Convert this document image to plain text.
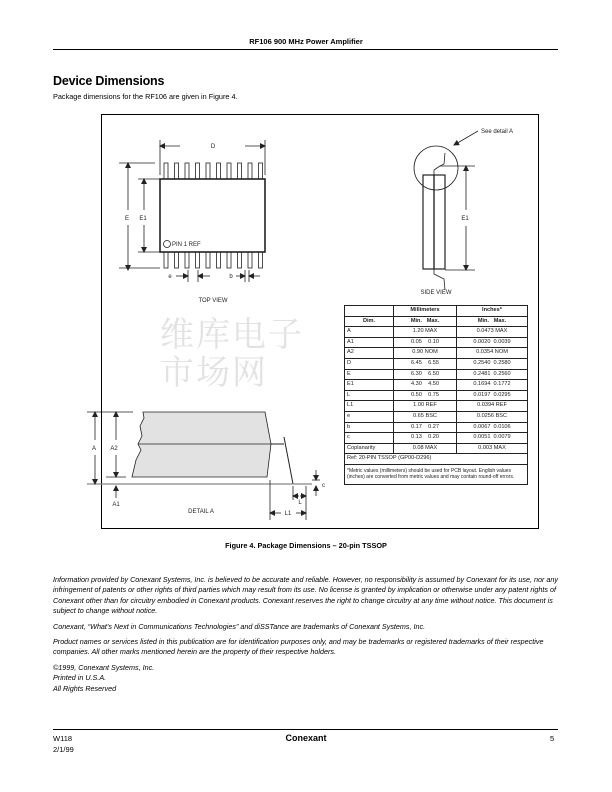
RF106 900 MHz Power Amplifier
Device Dimensions
Package dimensions for the RF106 are given in Figure 4.
维库电子市场网
D
E E1
PIN 1 REF
e	b
TOP VIEW
E1
See detail A
SIDE VIEW
A A2
A1
DETAIL A	L1
L
c
	Millimeters	Inches*
Dim.	Min. Max.	Min. Max.
A	1.20 MAX	0.0473 MAX
A1	0.05 0.10	0.0020 0.0039
A2	0.90 NOM	0.0354 NOM
D	6.45 6.55	0.2540 0.2580
E	6.30 6.50	0.2481 0.2560
E1	4.30 4.50	0.1694 0.1772
L	0.50 0.75	0.0197 0.0295
L1	1.00 REF	0.0394 REF
e	0.65 BSC	0.0256 BSC
b	0.17 0.27	0.0067 0.0106
c	0.13 0.20	0.0051 0.0079
Coplanarity	0.08 MAX	0.003 MAX
Ref: 20-PIN TSSOP (GP00-D296)		
*Metric values (millimeters) should be used for PCB layout. English values (inches) are converted from metric values and may contain round-off errors.		
Figure 4. Package Dimensions – 20-pin TSSOP

Information provided by Conexant Systems, Inc. is believed to be accurate and reliable. However, no responsibility is assumed by Conexant for its use, nor any infringement of patents or other rights of third parties which may result from its use. No license is granted by implication or otherwise under any patent rights of Conexant other than for circuitry embodied in Conexant products. Conexant reserves the right to change circuitry at any time without notice. This document is subject to change without notice.

Conexant, “What’s Next in Communications Technologies” and diSSTance are trademarks of Conexant Systems, Inc.

Product names or services listed in this publication are for identification purposes only, and may be trademarks or registered trademarks of their respective companies. All other marks mentioned herein are the property of their respective holders.

©1999, Conexant Systems, Inc.
Printed in U.S.A.
All Rights Reserved
W118
2/1/99
Conexant	5
